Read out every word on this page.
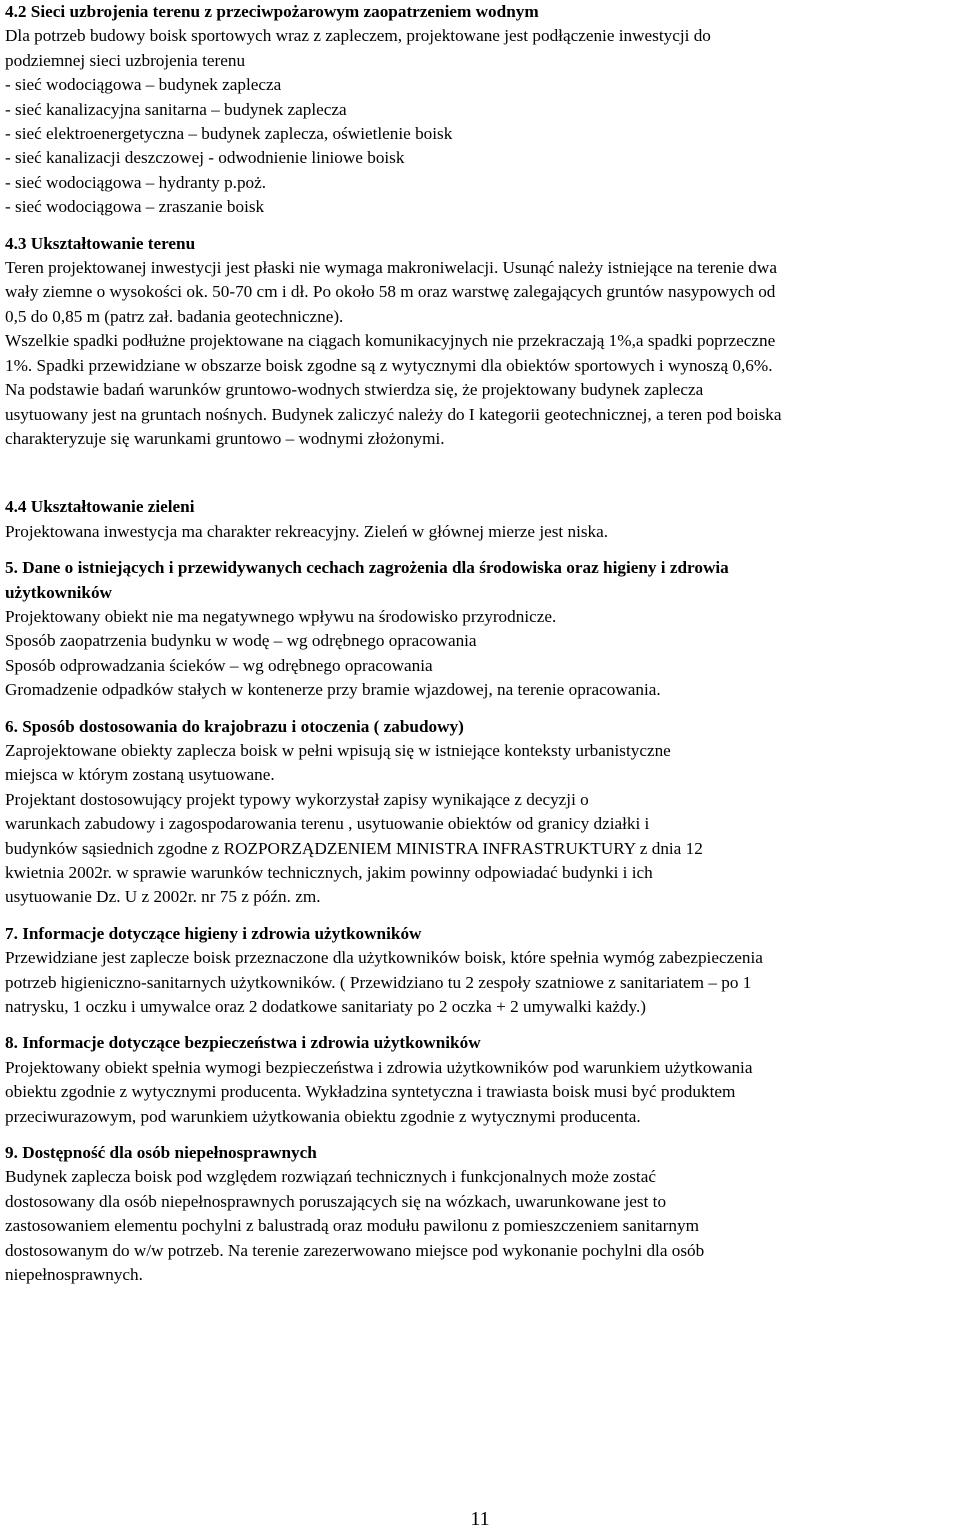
4.2 Sieci uzbrojenia terenu z przeciwpożarowym zaopatrzeniem wodnym
Dla potrzeb budowy boisk sportowych wraz z zapleczem, projektowane jest podłączenie inwestycji do
podziemnej sieci uzbrojenia terenu
- sieć wodociągowa – budynek zaplecza
- sieć kanalizacyjna sanitarna – budynek zaplecza
- sieć elektroenergetyczna – budynek zaplecza, oświetlenie boisk
- sieć kanalizacji deszczowej - odwodnienie liniowe boisk
- sieć wodociągowa – hydranty p.poż.
- sieć wodociągowa – zraszanie boisk
4.3 Ukształtowanie terenu
Teren projektowanej inwestycji jest płaski nie wymaga makroniwelacji. Usunąć należy istniejące na terenie dwa
wały ziemne o wysokości ok. 50-70 cm i dł. Po około 58 m oraz warstwę zalegających gruntów nasypowych od
0,5 do 0,85 m (patrz zał. badania geotechniczne).
Wszelkie spadki podłużne projektowane na ciągach komunikacyjnych nie przekraczają 1%,a spadki poprzeczne
1%. Spadki przewidziane w obszarze boisk zgodne są z wytycznymi dla obiektów sportowych i wynoszą 0,6%.
Na podstawie badań warunków gruntowo-wodnych stwierdza się, że projektowany budynek zaplecza
usytuowany jest na gruntach nośnych. Budynek zaliczyć należy do I kategorii geotechnicznej, a teren pod boiska
charakteryzuje się warunkami gruntowo – wodnymi złożonymi.
4.4 Ukształtowanie zieleni
Projektowana inwestycja ma charakter rekreacyjny. Zieleń w głównej mierze jest niska.
5. Dane o istniejących i przewidywanych cechach zagrożenia dla środowiska oraz higieny i zdrowia
użytkowników
Projektowany obiekt nie ma negatywnego wpływu na środowisko przyrodnicze.
Sposób zaopatrzenia budynku w wodę – wg odrębnego opracowania
Sposób odprowadzania ścieków – wg odrębnego opracowania
Gromadzenie odpadków stałych w kontenerze przy bramie wjazdowej, na terenie opracowania.
6. Sposób dostosowania do krajobrazu i otoczenia ( zabudowy)
Zaprojektowane obiekty zaplecza boisk w pełni wpisują się w istniejące konteksty urbanistyczne
miejsca w którym zostaną usytuowane.
Projektant dostosowujący projekt typowy wykorzystał zapisy wynikające z decyzji o
warunkach zabudowy i zagospodarowania terenu , usytuowanie obiektów od granicy działki i
budynków sąsiednich zgodne z ROZPORZĄDZENIEM MINISTRA INFRASTRUKTURY z dnia 12
kwietnia 2002r. w sprawie warunków technicznych, jakim powinny odpowiadać budynki i ich
usytuowanie Dz. U z 2002r. nr 75 z późn. zm.
7. Informacje dotyczące higieny i zdrowia użytkowników
Przewidziane jest zaplecze boisk przeznaczone dla użytkowników boisk, które spełnia wymóg zabezpieczenia
potrzeb higieniczno-sanitarnych użytkowników. ( Przewidziano tu 2 zespoły szatniowe z sanitariatem – po 1
natrysku, 1 oczku i umywalce oraz 2 dodatkowe sanitariaty po 2 oczka + 2 umywalki każdy.)
8. Informacje dotyczące bezpieczeństwa i zdrowia użytkowników
Projektowany obiekt spełnia wymogi bezpieczeństwa i zdrowia użytkowników pod warunkiem użytkowania
obiektu zgodnie z wytycznymi producenta. Wykładzina syntetyczna i trawiasta boisk musi być produktem
przeciwurazowym, pod warunkiem użytkowania obiektu zgodnie z wytycznymi producenta.
9. Dostępność dla osób niepełnosprawnych
Budynek zaplecza boisk pod względem rozwiązań technicznych i funkcjonalnych może zostać
dostosowany dla osób niepełnosprawnych poruszających się na wózkach, uwarunkowane jest to
zastosowaniem elementu pochylni z balustradą oraz modułu pawilonu z pomieszczeniem sanitarnym
dostosowanym do w/w potrzeb. Na terenie zarezerwowano miejsce pod wykonanie pochylni dla osób
niepełnosprawnych.
11
